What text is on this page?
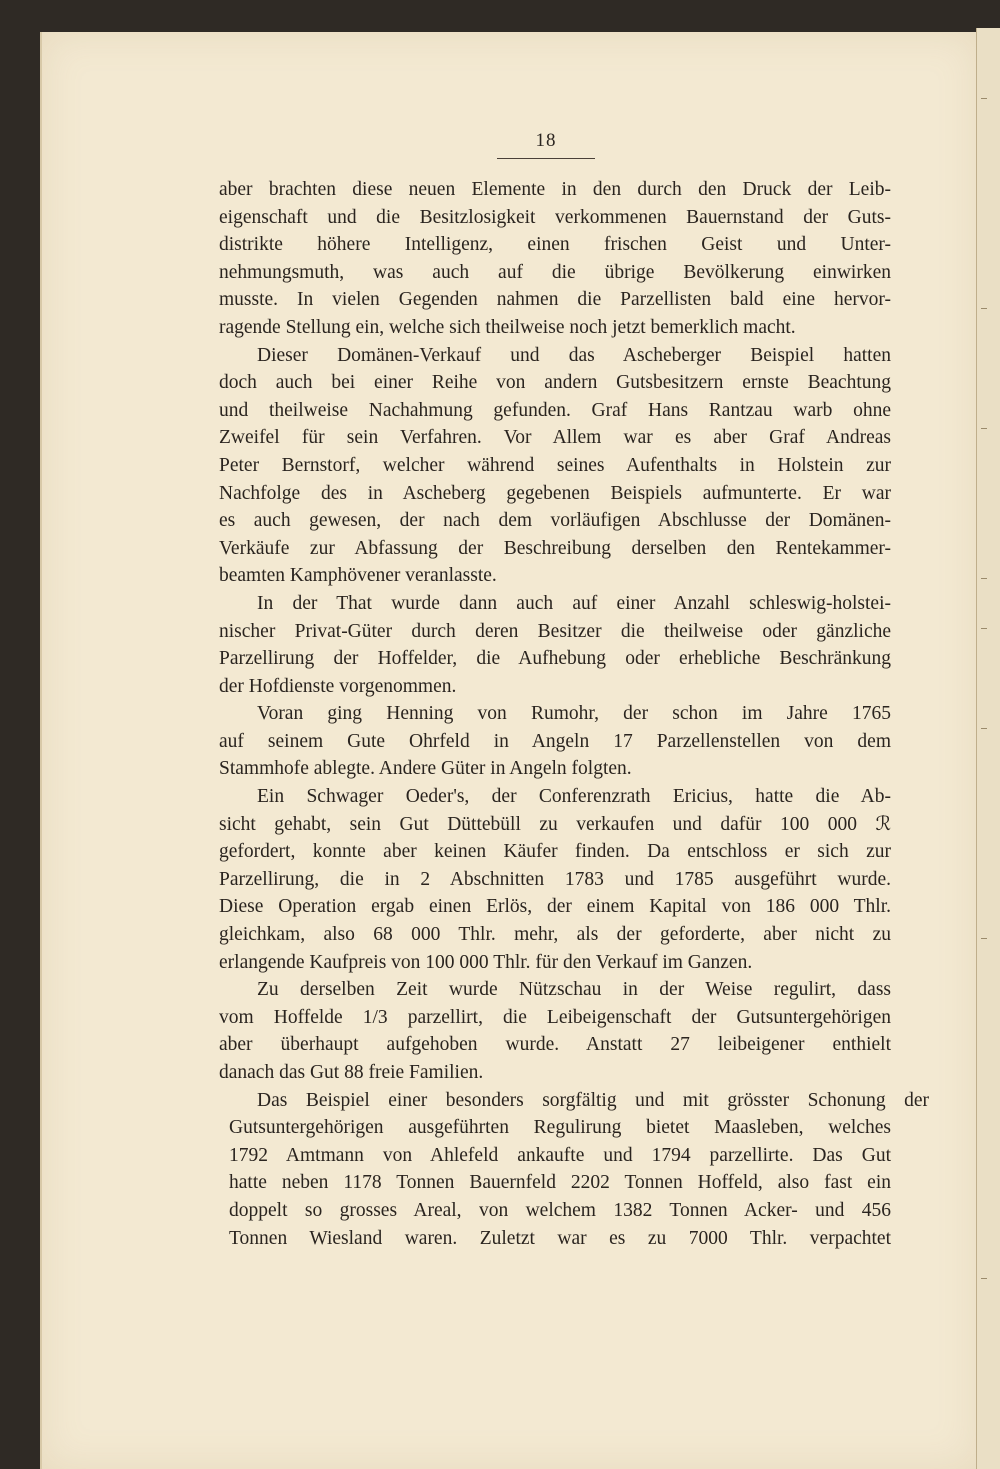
18
aber brachten diese neuen Elemente in den durch den Druck der Leib-
eigenschaft und die Besitzlosigkeit verkommenen Bauernstand der Guts-
distrikte höhere Intelligenz, einen frischen Geist und Unter-
nehmungsmuth, was auch auf die übrige Bevölkerung einwirken
musste. In vielen Gegenden nahmen die Parzellisten bald eine hervor-
ragende Stellung ein, welche sich theilweise noch jetzt bemerklich macht.
Dieser Domänen-Verkauf und das Ascheberger Beispiel hatten
doch auch bei einer Reihe von andern Gutsbesitzern ernste Beachtung
und theilweise Nachahmung gefunden. Graf Hans Rantzau warb ohne
Zweifel für sein Verfahren. Vor Allem war es aber Graf Andreas
Peter Bernstorf, welcher während seines Aufenthalts in Holstein zur
Nachfolge des in Ascheberg gegebenen Beispiels aufmunterte. Er war
es auch gewesen, der nach dem vorläufigen Abschlusse der Domänen-
Verkäufe zur Abfassung der Beschreibung derselben den Rentekammer-
beamten Kamphövener veranlasste.
In der That wurde dann auch auf einer Anzahl schleswig-holstei-
nischer Privat-Güter durch deren Besitzer die theilweise oder gänzliche
Parzellirung der Hoffelder, die Aufhebung oder erhebliche Beschränkung
der Hofdienste vorgenommen.
Voran ging Henning von Rumohr, der schon im Jahre 1765
auf seinem Gute Ohrfeld in Angeln 17 Parzellenstellen von dem
Stammhofe ablegte. Andere Güter in Angeln folgten.
Ein Schwager Oeder's, der Conferenzrath Ericius, hatte die Ab-
sicht gehabt, sein Gut Düttebüll zu verkaufen und dafür 100 000 ℛ
gefordert, konnte aber keinen Käufer finden. Da entschloss er sich zur
Parzellirung, die in 2 Abschnitten 1783 und 1785 ausgeführt wurde.
Diese Operation ergab einen Erlös, der einem Kapital von 186 000 Thlr.
gleichkam, also 68 000 Thlr. mehr, als der geforderte, aber nicht zu
erlangende Kaufpreis von 100 000 Thlr. für den Verkauf im Ganzen.
Zu derselben Zeit wurde Nützschau in der Weise regulirt, dass
vom Hoffelde 1/3 parzellirt, die Leibeigenschaft der Gutsuntergehörigen
aber überhaupt aufgehoben wurde. Anstatt 27 leibeigener enthielt
danach das Gut 88 freie Familien.
Das Beispiel einer besonders sorgfältig und mit grösster Schonung der
Gutsuntergehörigen ausgeführten Regulirung bietet Maasleben, welches
1792 Amtmann von Ahlefeld ankaufte und 1794 parzellirte. Das Gut
hatte neben 1178 Tonnen Bauernfeld 2202 Tonnen Hoffeld, also fast ein
doppelt so grosses Areal, von welchem 1382 Tonnen Acker- und 456
Tonnen Wiesland waren. Zuletzt war es zu 7000 Thlr. verpachtet
